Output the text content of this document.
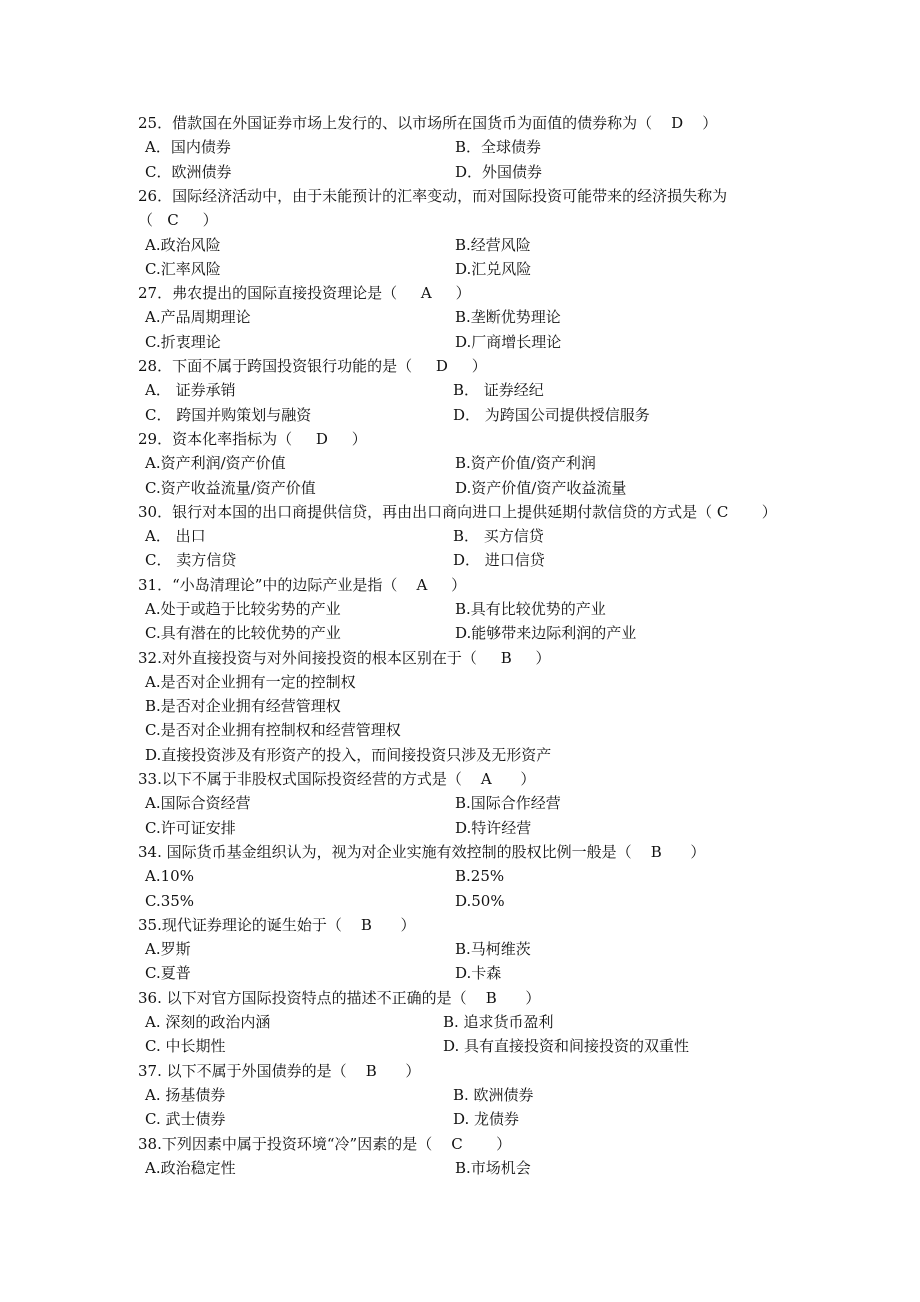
25．借款国在外国证券市场上发行的、以市场所在国货币为面值的债券称为（    D    ）
A．国内债券	B．全球债券
C．欧洲债券	D．外国债券
26．国际经济活动中，由于未能预计的汇率变动，而对国际投资可能带来的经济损失称为
（   C     ）
A.政治风险	B.经营风险
C.汇率风险	D.汇兑风险
27．弗农提出的国际直接投资理论是（     A     ）
A.产品周期理论	B.垄断优势理论
C.折衷理论	D.厂商增长理论
28．下面不属于跨国投资银行功能的是（     D     ）
A． 证券承销	B． 证券经纪
C． 跨国并购策划与融资	D． 为跨国公司提供授信服务
29．资本化率指标为（     D     ）
A.资产利润/资产价值	B.资产价值/资产利润
C.资产收益流量/资产价值	D.资产价值/资产收益流量
30．银行对本国的出口商提供信贷，再由出口商向进口上提供延期付款信贷的方式是（ C       ）
A． 出口	B． 买方信贷
C． 卖方信贷	D． 进口信贷
31．“小岛清理论”中的边际产业是指（    A     ）
A.处于或趋于比较劣势的产业	B.具有比较优势的产业
C.具有潜在的比较优势的产业	D.能够带来边际利润的产业
32.对外直接投资与对外间接投资的根本区别在于（     B     ）
A.是否对企业拥有一定的控制权
B.是否对企业拥有经营管理权
C.是否对企业拥有控制权和经营管理权
D.直接投资涉及有形资产的投入，而间接投资只涉及无形资产
33.以下不属于非股权式国际投资经营的方式是（    A      ）
A.国际合资经营	B.国际合作经营
C.许可证安排	D.特许经营
34. 国际货币基金组织认为，视为对企业实施有效控制的股权比例一般是（    B      ）
A.10%	B.25%
C.35%	D.50%
35.现代证券理论的诞生始于（    B      ）
A.罗斯	B.马柯维茨
C.夏普	D.卡森
36. 以下对官方国际投资特点的描述不正确的是（    B      ）
A. 深刻的政治内涵	B. 追求货币盈利
C. 中长期性	D. 具有直接投资和间接投资的双重性
37. 以下不属于外国债券的是（    B      ）
A. 扬基债券	B. 欧洲债券
C. 武士债券	D. 龙债券
38.下列因素中属于投资环境“冷”因素的是（    C       ）
A.政治稳定性	B.市场机会
